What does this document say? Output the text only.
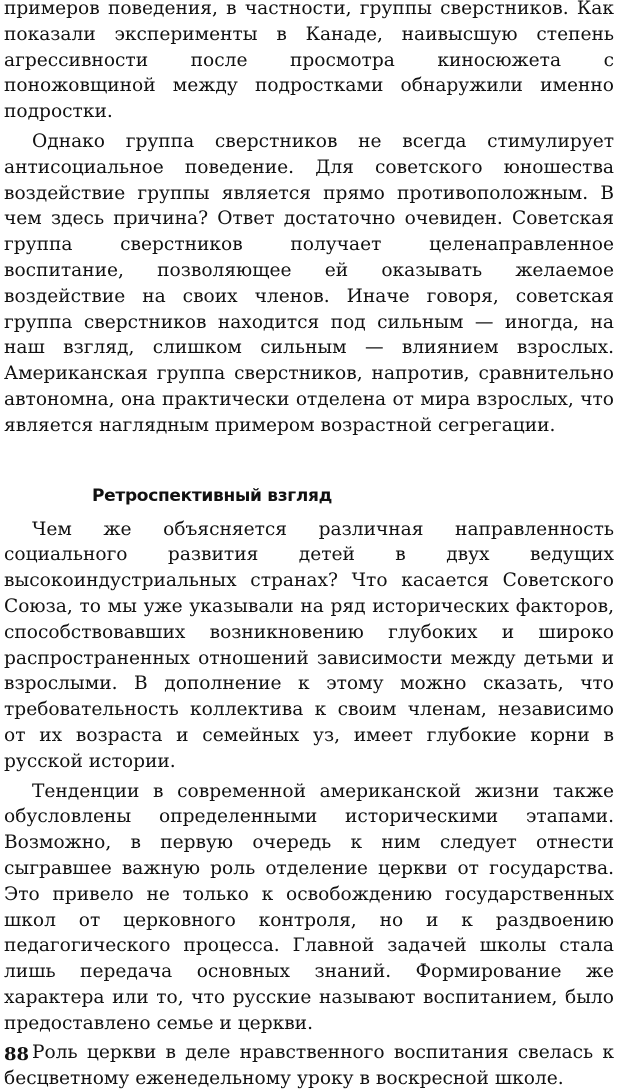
примеров поведения, в частности, группы сверстников. Как показали эксперименты в Канаде, наивысшую степень агрессивности после просмотра киносюжета с поножовщиной между подростками обнаружили именно подростки.

Однако группа сверстников не всегда стимулирует антисоциальное поведение. Для советского юношества воздействие группы является прямо противоположным. В чем здесь причина? Ответ достаточно очевиден. Советская группа сверстников получает целенаправленное воспитание, позволяющее ей оказывать желаемое воздействие на своих членов. Иначе говоря, советская группа сверстников находится под сильным — иногда, на наш взгляд, слишком сильным — влиянием взрослых. Американская группа сверстников, напротив, сравнительно автономна, она практически отделена от мира взрослых, что является наглядным примером возрастной сегрегации.

Ретроспективный взгляд

Чем же объясняется различная направленность социального развития детей в двух ведущих высокоиндустриальных странах? Что касается Советского Союза, то мы уже указывали на ряд исторических факторов, способствовавших возникновению глубоких и широко распространенных отношений зависимости между детьми и взрослыми. В дополнение к этому можно сказать, что требовательность коллектива к своим членам, независимо от их возраста и семейных уз, имеет глубокие корни в русской истории.

Тенденции в современной американской жизни также обусловлены определенными историческими этапами. Возможно, в первую очередь к ним следует отнести сыгравшее важную роль отделение церкви от государства. Это привело не только к освобождению государственных школ от церковного контроля, но и к раздвоению педагогического процесса. Главной задачей школы стала лишь передача основных знаний. Формирование же характера или то, что русские называют воспитанием, было предоставлено семье и церкви.

Роль церкви в деле нравственного воспитания свелась к бесцветному еженедельному уроку в воскресной школе.

88
